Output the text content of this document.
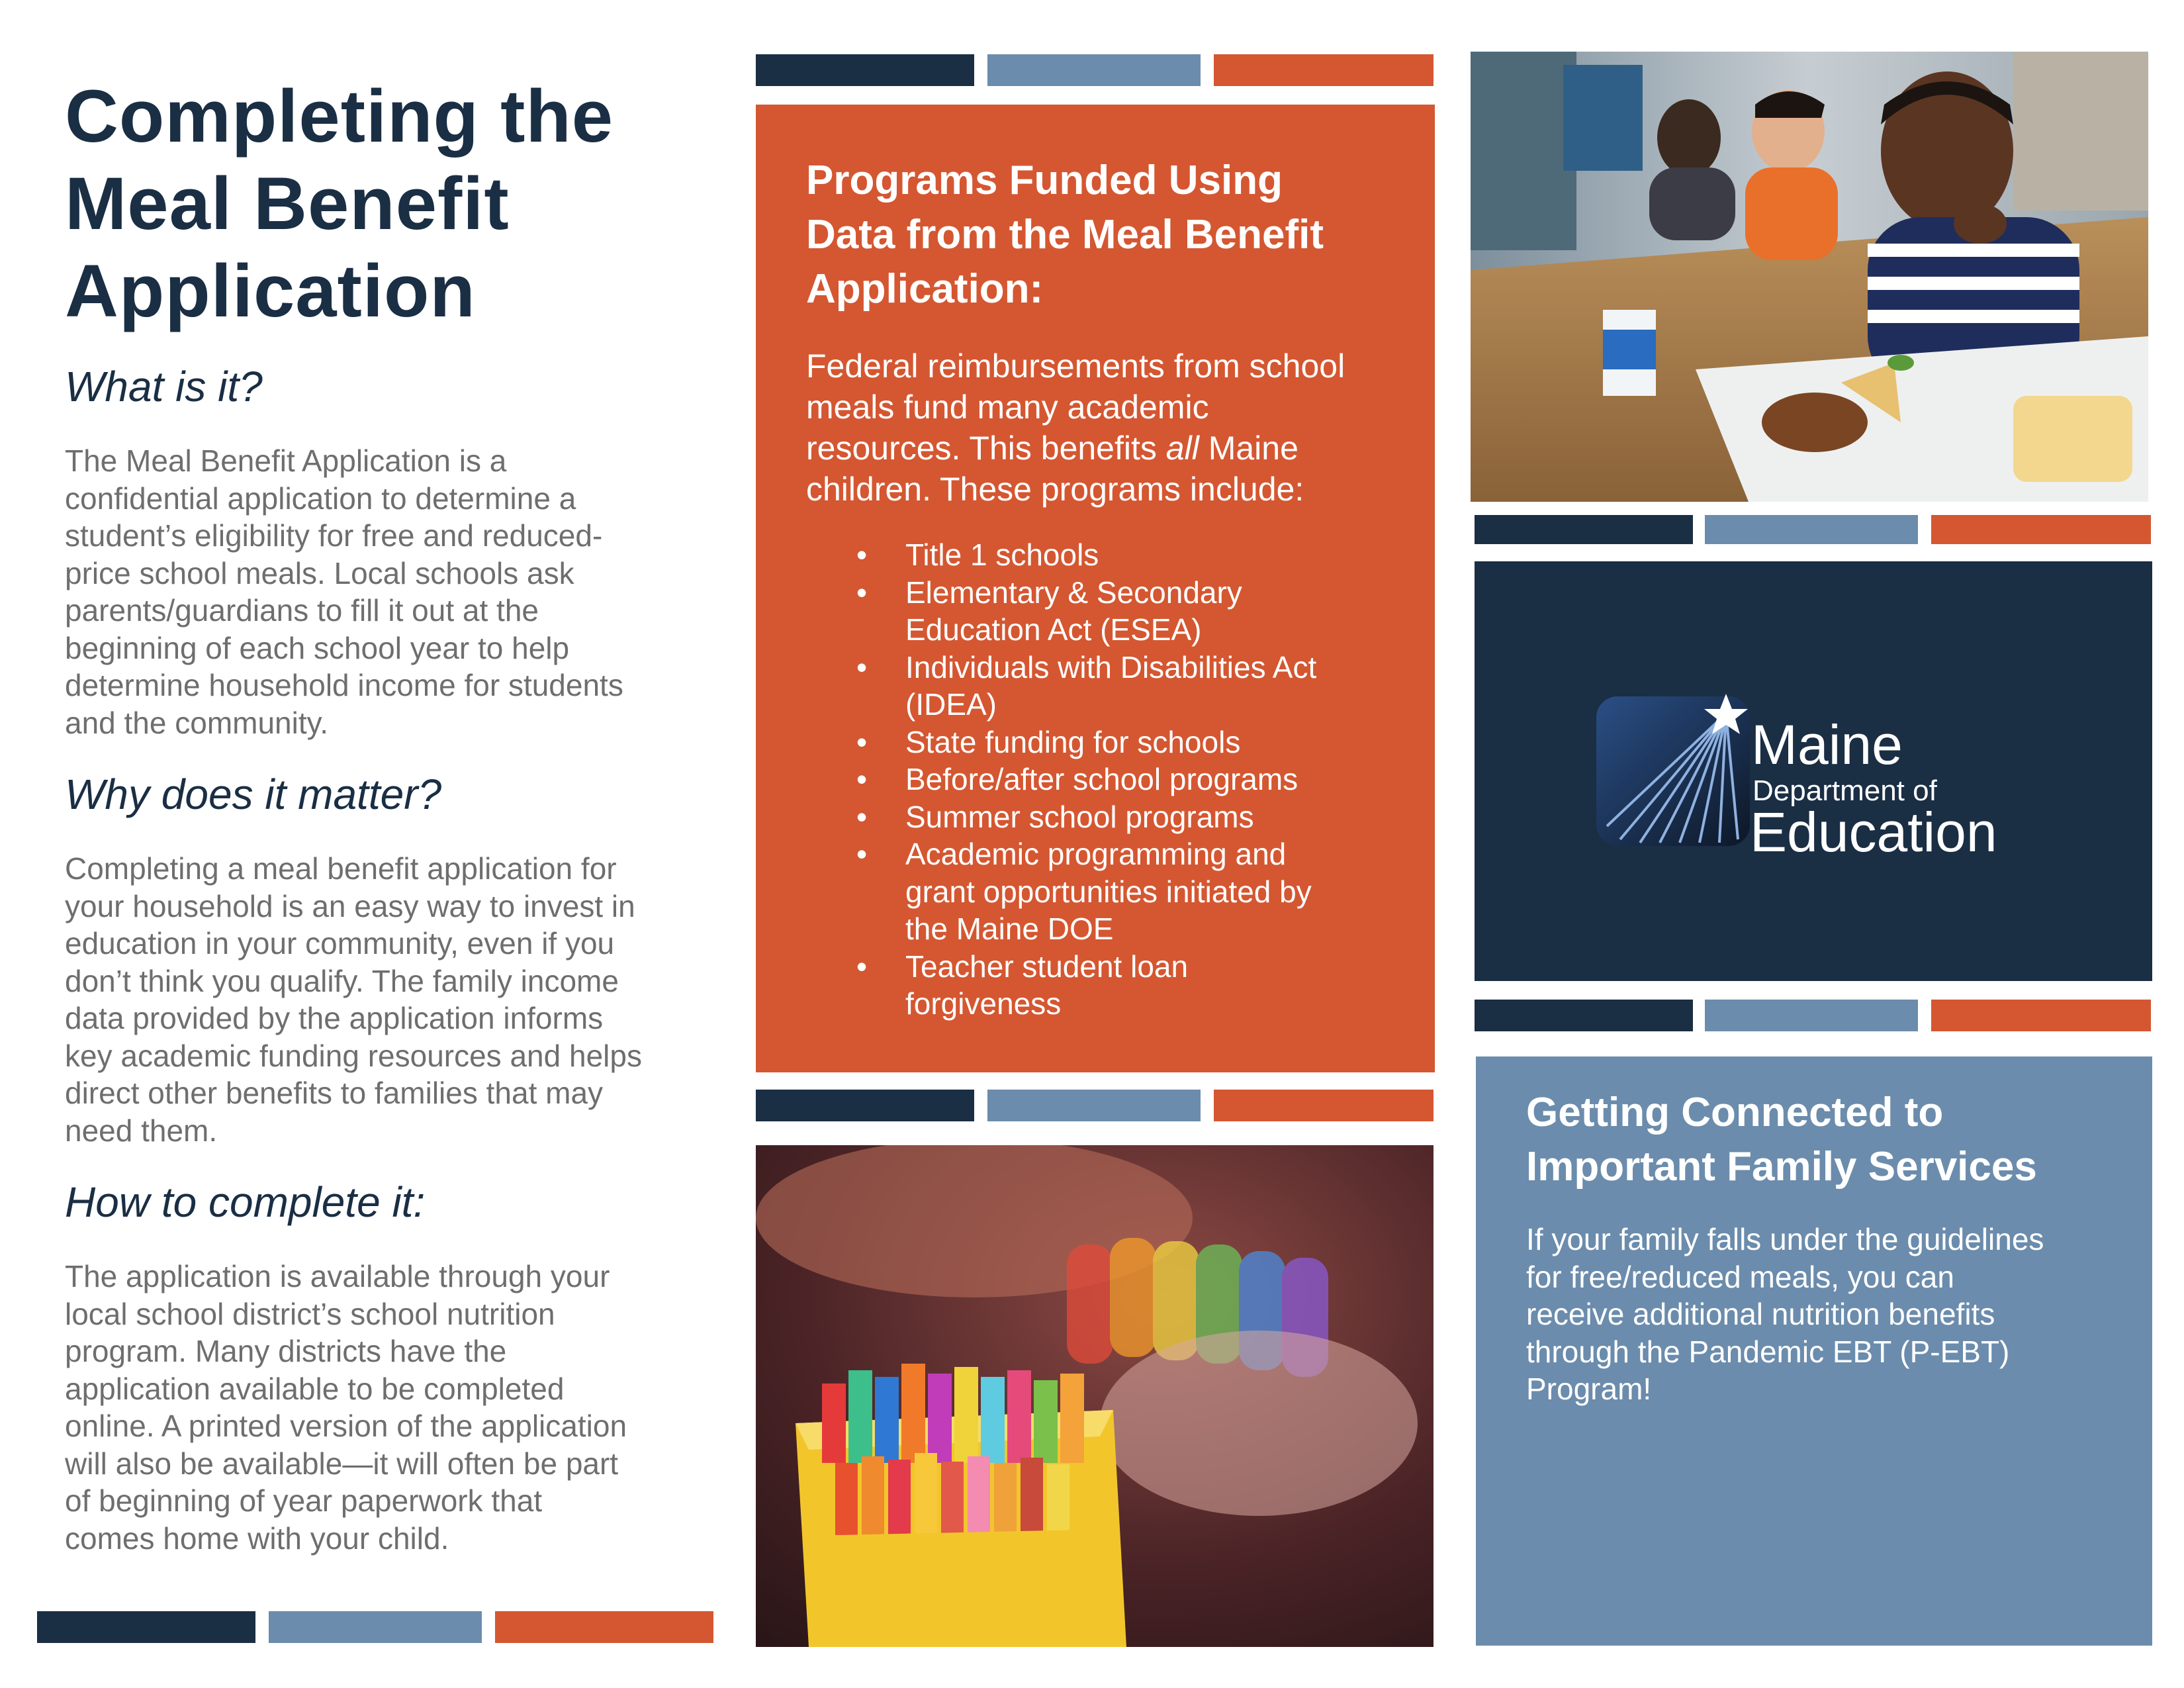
Completing the
Meal Benefit
Application
What is it?
The Meal Benefit Application is a
confidential application to determine a
student’s eligibility for free and reduced-
price school meals. Local schools ask
parents/guardians to fill it out at the
beginning of each school year to help
determine household income for students
and the community.
Why does it matter?
Completing a meal benefit application for
your household is an easy way to invest in
education in your community, even if you
don’t think you qualify. The family income
data provided by the application informs
key academic funding resources and helps
direct other benefits to families that may
need them.
How to complete it:
The application is available through your
local school district’s school nutrition
program. Many districts have the
application available to be completed
online. A printed version of the application
will also be available—it will often be part
of beginning of year paperwork that
comes home with your child.
Programs Funded Using
Data from the Meal Benefit
Application:
Federal reimbursements from school
meals fund many academic
resources. This benefits all Maine
children. These programs include:
• Title 1 schools
• Elementary & Secondary
Education Act (ESEA)
• Individuals with Disabilities Act
(IDEA)
• State funding for schools
• Before/after school programs
• Summer school programs
• Academic programming and
grant opportunities initiated by
the Maine DOE
• Teacher student loan
forgiveness
Maine
Department of
Education
Getting Connected to
Important Family Services
If your family falls under the guidelines
for free/reduced meals, you can
receive additional nutrition benefits
through the Pandemic EBT (P-EBT)
Program!
